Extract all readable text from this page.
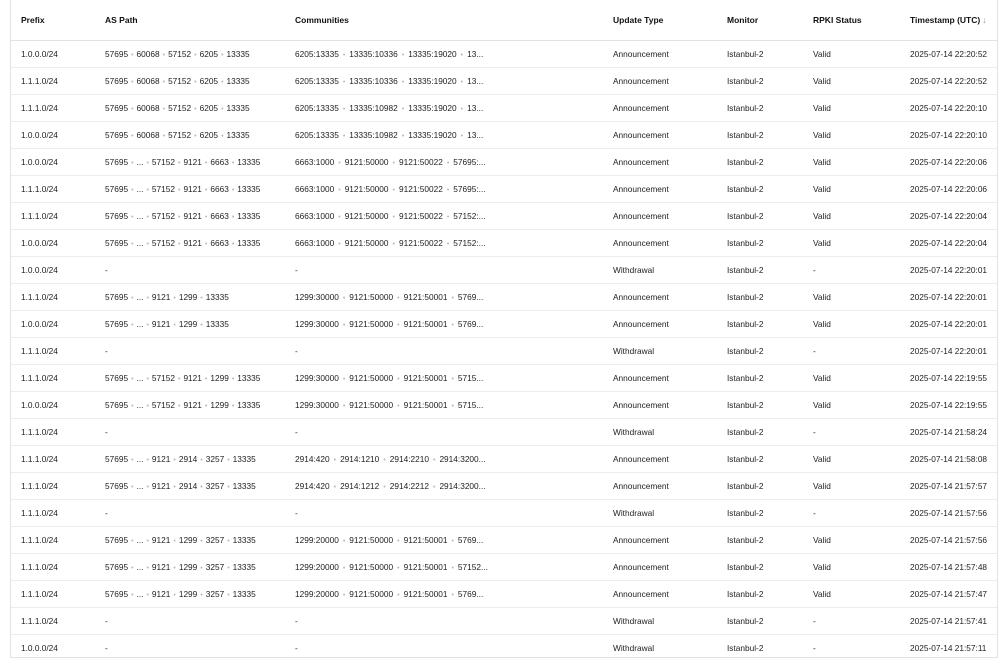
Prefix	AS Path	Communities	Update Type	Monitor	RPKI Status	Timestamp (UTC) ↓
1.0.0.0/24	57695 • 60068 • 57152 • 6205 • 13335	6205:13335 • 13335:10336 • 13335:19020 • 13...	Announcement	Istanbul-2	Valid	2025-07-14 22:20:52
1.1.1.0/24	57695 • 60068 • 57152 • 6205 • 13335	6205:13335 • 13335:10336 • 13335:19020 • 13...	Announcement	Istanbul-2	Valid	2025-07-14 22:20:52
1.1.1.0/24	57695 • 60068 • 57152 • 6205 • 13335	6205:13335 • 13335:10982 • 13335:19020 • 13...	Announcement	Istanbul-2	Valid	2025-07-14 22:20:10
1.0.0.0/24	57695 • 60068 • 57152 • 6205 • 13335	6205:13335 • 13335:10982 • 13335:19020 • 13...	Announcement	Istanbul-2	Valid	2025-07-14 22:20:10
1.0.0.0/24	57695 • ... • 57152 • 9121 • 6663 • 13335	6663:1000 • 9121:50000 • 9121:50022 • 57695:...	Announcement	Istanbul-2	Valid	2025-07-14 22:20:06
1.1.1.0/24	57695 • ... • 57152 • 9121 • 6663 • 13335	6663:1000 • 9121:50000 • 9121:50022 • 57695:...	Announcement	Istanbul-2	Valid	2025-07-14 22:20:06
1.1.1.0/24	57695 • ... • 57152 • 9121 • 6663 • 13335	6663:1000 • 9121:50000 • 9121:50022 • 57152:...	Announcement	Istanbul-2	Valid	2025-07-14 22:20:04
1.0.0.0/24	57695 • ... • 57152 • 9121 • 6663 • 13335	6663:1000 • 9121:50000 • 9121:50022 • 57152:...	Announcement	Istanbul-2	Valid	2025-07-14 22:20:04
1.0.0.0/24	-	-	Withdrawal	Istanbul-2	-	2025-07-14 22:20:01
1.1.1.0/24	57695 • ... • 9121 • 1299 • 13335	1299:30000 • 9121:50000 • 9121:50001 • 5769...	Announcement	Istanbul-2	Valid	2025-07-14 22:20:01
1.0.0.0/24	57695 • ... • 9121 • 1299 • 13335	1299:30000 • 9121:50000 • 9121:50001 • 5769...	Announcement	Istanbul-2	Valid	2025-07-14 22:20:01
1.1.1.0/24	-	-	Withdrawal	Istanbul-2	-	2025-07-14 22:20:01
1.1.1.0/24	57695 • ... • 57152 • 9121 • 1299 • 13335	1299:30000 • 9121:50000 • 9121:50001 • 5715...	Announcement	Istanbul-2	Valid	2025-07-14 22:19:55
1.0.0.0/24	57695 • ... • 57152 • 9121 • 1299 • 13335	1299:30000 • 9121:50000 • 9121:50001 • 5715...	Announcement	Istanbul-2	Valid	2025-07-14 22:19:55
1.1.1.0/24	-	-	Withdrawal	Istanbul-2	-	2025-07-14 21:58:24
1.1.1.0/24	57695 • ... • 9121 • 2914 • 3257 • 13335	2914:420 • 2914:1210 • 2914:2210 • 2914:3200...	Announcement	Istanbul-2	Valid	2025-07-14 21:58:08
1.1.1.0/24	57695 • ... • 9121 • 2914 • 3257 • 13335	2914:420 • 2914:1212 • 2914:2212 • 2914:3200...	Announcement	Istanbul-2	Valid	2025-07-14 21:57:57
1.1.1.0/24	-	-	Withdrawal	Istanbul-2	-	2025-07-14 21:57:56
1.1.1.0/24	57695 • ... • 9121 • 1299 • 3257 • 13335	1299:20000 • 9121:50000 • 9121:50001 • 5769...	Announcement	Istanbul-2	Valid	2025-07-14 21:57:56
1.1.1.0/24	57695 • ... • 9121 • 1299 • 3257 • 13335	1299:20000 • 9121:50000 • 9121:50001 • 57152...	Announcement	Istanbul-2	Valid	2025-07-14 21:57:48
1.1.1.0/24	57695 • ... • 9121 • 1299 • 3257 • 13335	1299:20000 • 9121:50000 • 9121:50001 • 5769...	Announcement	Istanbul-2	Valid	2025-07-14 21:57:47
1.1.1.0/24	-	-	Withdrawal	Istanbul-2	-	2025-07-14 21:57:41
1.0.0.0/24	-	-	Withdrawal	Istanbul-2	-	2025-07-14 21:57:11
